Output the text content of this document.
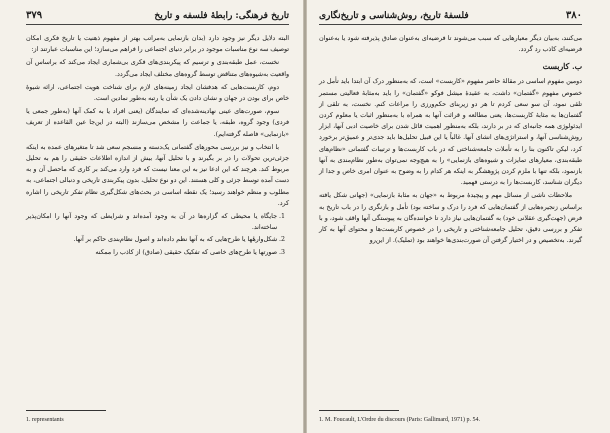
تاریخ فرهنگی: رابطهٔ فلسفه و تاریخ
۳۷۹

البته دلایل دیگر نیز وجود دارد (بدان بازنمایی به‌مراتب بهتر از مفهوم ذهنیت یا تاریخ فکری امکان توصیف سه نوع مناسبات موجود در برابر دنیای اجتماعی را فراهم می‌سازد؛ این مناسبات عبارتند از:

نخست، عمل طبقه‌بندی و ترسیم که پیکربندی‌های فکری بی‌شماری ایجاد می‌کند که براساس آن واقعیت به‌شیوه‌های متناقض توسط گروه‌های مختلف ایجاد می‌گردد.

دوم، کاربست‌هایی که هدفشان ایجاد زمینه‌های لازم برای شناخت هویت اجتماعی، ارائه شیوهٔ خاص برای بودن در جهان و نشان دادن یک شأن یا رتبه به‌طور نمادین است.

سوم، صورت‌های عینی نهادینه‌شده‌ای که نمایندگان (یعنی افراد یا به کمک آنها (به‌طور جمعی یا فردی) وجود گروه، طبقه، یا جماعت را مشخص می‌سازند (البته در این‌جا عین القاعده از تعریف «بازنمایی» فاصله گرفته‌ایم).

با انتخاب و نیز بررسی محورهای گفتمانی یک‌دسته و منسجم سعی شد تا متغیرهای عمده به اینکه جزئی‌ترین تحولات را در بر بگیرند و با تحلیل آنها، بیش از اندازه اطلاعات حقیقی را هم به تحلیل مربوط کند. هرچند که این ادعا نیز به این معنا نیست که فرد وارد می‌کند بر کاری که ماحصل آن و به دست آمده توسط جزئی و کلی هستند. این دو نوع تحلیل، بدون پیکربندی تاریخی و دنبالی اجتماعی، به مطلوب و منظم خواهند رسید؛ یک نقطه اساسی در بحث‌های شکل‌گیری نظام تفکر تاریخی را اشاره کرد.

1. جایگاه یا محیطی که گزاره‌ها در آن به وجود آمده‌اند و شرایطی که وجود آنها را امکان‌پذیر ساخته‌اند.
2. شکل‌وارهٔها یا طرح‌هایی که به آنها نظم داده‌اند و اصول نظام‌بندی حاکم بر آنها.
3. صورتها یا طرح‌های خاصی که تفکیک حقیقی (صادق) از کاذب را ممکنه
1. representants
۳۸۰
فلسفهٔ تاریخ، روش‌شناسی و تاریخ‌نگاری

می‌کنند، به‌بیان دیگر معیارهایی که سبب می‌شوند تا فرضیه‌ای به‌عنوان صادق پذیرفته شود یا به‌عنوان فرضیه‌ای کاذب رد گردد.

ب. کاربست

دومین مفهوم اساسی در مقالهٔ حاضر مفهوم «کاربست» است، که به‌منظور درک آن ابتدا باید تأمل در خصوص مفهوم «گفتمان» داشت، به عقیدهٔ میشل فوکو «گفتمان» را باید به‌مثابهٔ فعالیتی مستمر تلقی نمود، آن سو سعی کردم تا هر دو زیربنای حکم‌ورزی را مراعات کنم. نخست، به تلقی از گفتمان‌ها به مثابهٔ کاربست‌ها، یعنی مطالعه و قرائت آنها به همراه با به‌منظور اثبات یا معلوم کردن ایدئولوژی همه جانبه‌ای که در بر دارند، بلکه به‌منظور اهمیت قائل شدن برای خاصیت ادبی آنها، ابزار روش‌شناسی آنها، و استراتژی‌های انشای آنها. غالباً یا این قبیل تحلیل‌ها باید جدی‌تر و عمیق‌تر برخورد کرد، لیکن تاکنون بنا را به تأملات جامعه‌شناختی که در باب کاربست‌ها و ترتیبات گفتمانی «نظام‌های طبقه‌بندی، معیارهای تمایزات و شیوه‌های بازنمایی» را به هیچ‌وجه نمی‌توان به‌طور نظام‌مندی به آنها بازنمود، بلکه تنها با ملزم کردن پژوهشگر به اینکه هر کدام را به وضوح به عنوان امری خاص و جدا از دیگران شناسد، کاربست‌ها را به درستی فهمید.

ملاحظات ناشی از مسائل مهم و پیچیدهٔ مربوط به «جهان به مثابهٔ بازنمایی» (جهانی شکل یافته براساس زنجیره‌هایی از گفتمان‌هایی که فرد را درک و ساخته بود) تأمل و بازنگری را در باب تاریخ به فرض (جهت‌گیری عقلانی خود) به گفتمان‌هایی نیاز دارد تا خواننده‌گان به پیوستگی آنها واقف شود، و با تفکر و بررسی دقیق، تحلیل جامعه‌شناختی و تاریخی را در خصوص کاربست‌ها و محتوای آنها به کار گیرند. به‌تخصیص و در اختیار گرفتن آن صورت‌بندی‌ها خواهند بود (تملیک). از این‌رو

1. M. Foucault, L'Ordre du discours (Paris: Gallimard, 1971) p. 54.
